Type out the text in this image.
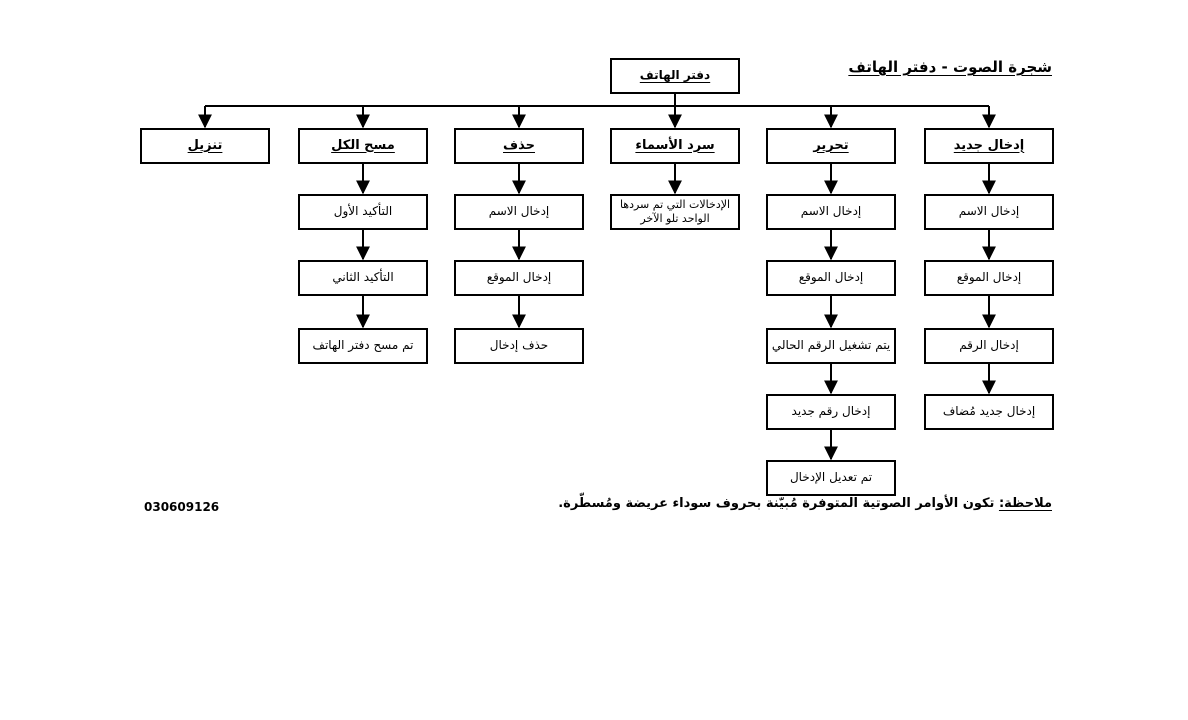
شجرة الصوت - دفتر الهاتف
دفتر الهاتف
إدخال جديد
إدخال الاسم
إدخال الموقع
إدخال الرقم
إدخال جديد مُضاف
تحرير
إدخال الاسم
إدخال الموقع
يتم تشغيل الرقم الحالي
إدخال رقم جديد
تم تعديل الإدخال
سرد الأسماء
الإدخالات التي تم سردها الواحد تلو الآخر
حذف
إدخال الاسم
إدخال الموقع
حذف إدخال
مسح الكل
التأكيد الأول
التأكيد الثاني
تم مسح دفتر الهاتف
تنزيل
ملاحظة: تكون الأوامر الصوتية المتوفرة مُبيّنة بحروف سوداء عريضة ومُسطّرة.
030609126
